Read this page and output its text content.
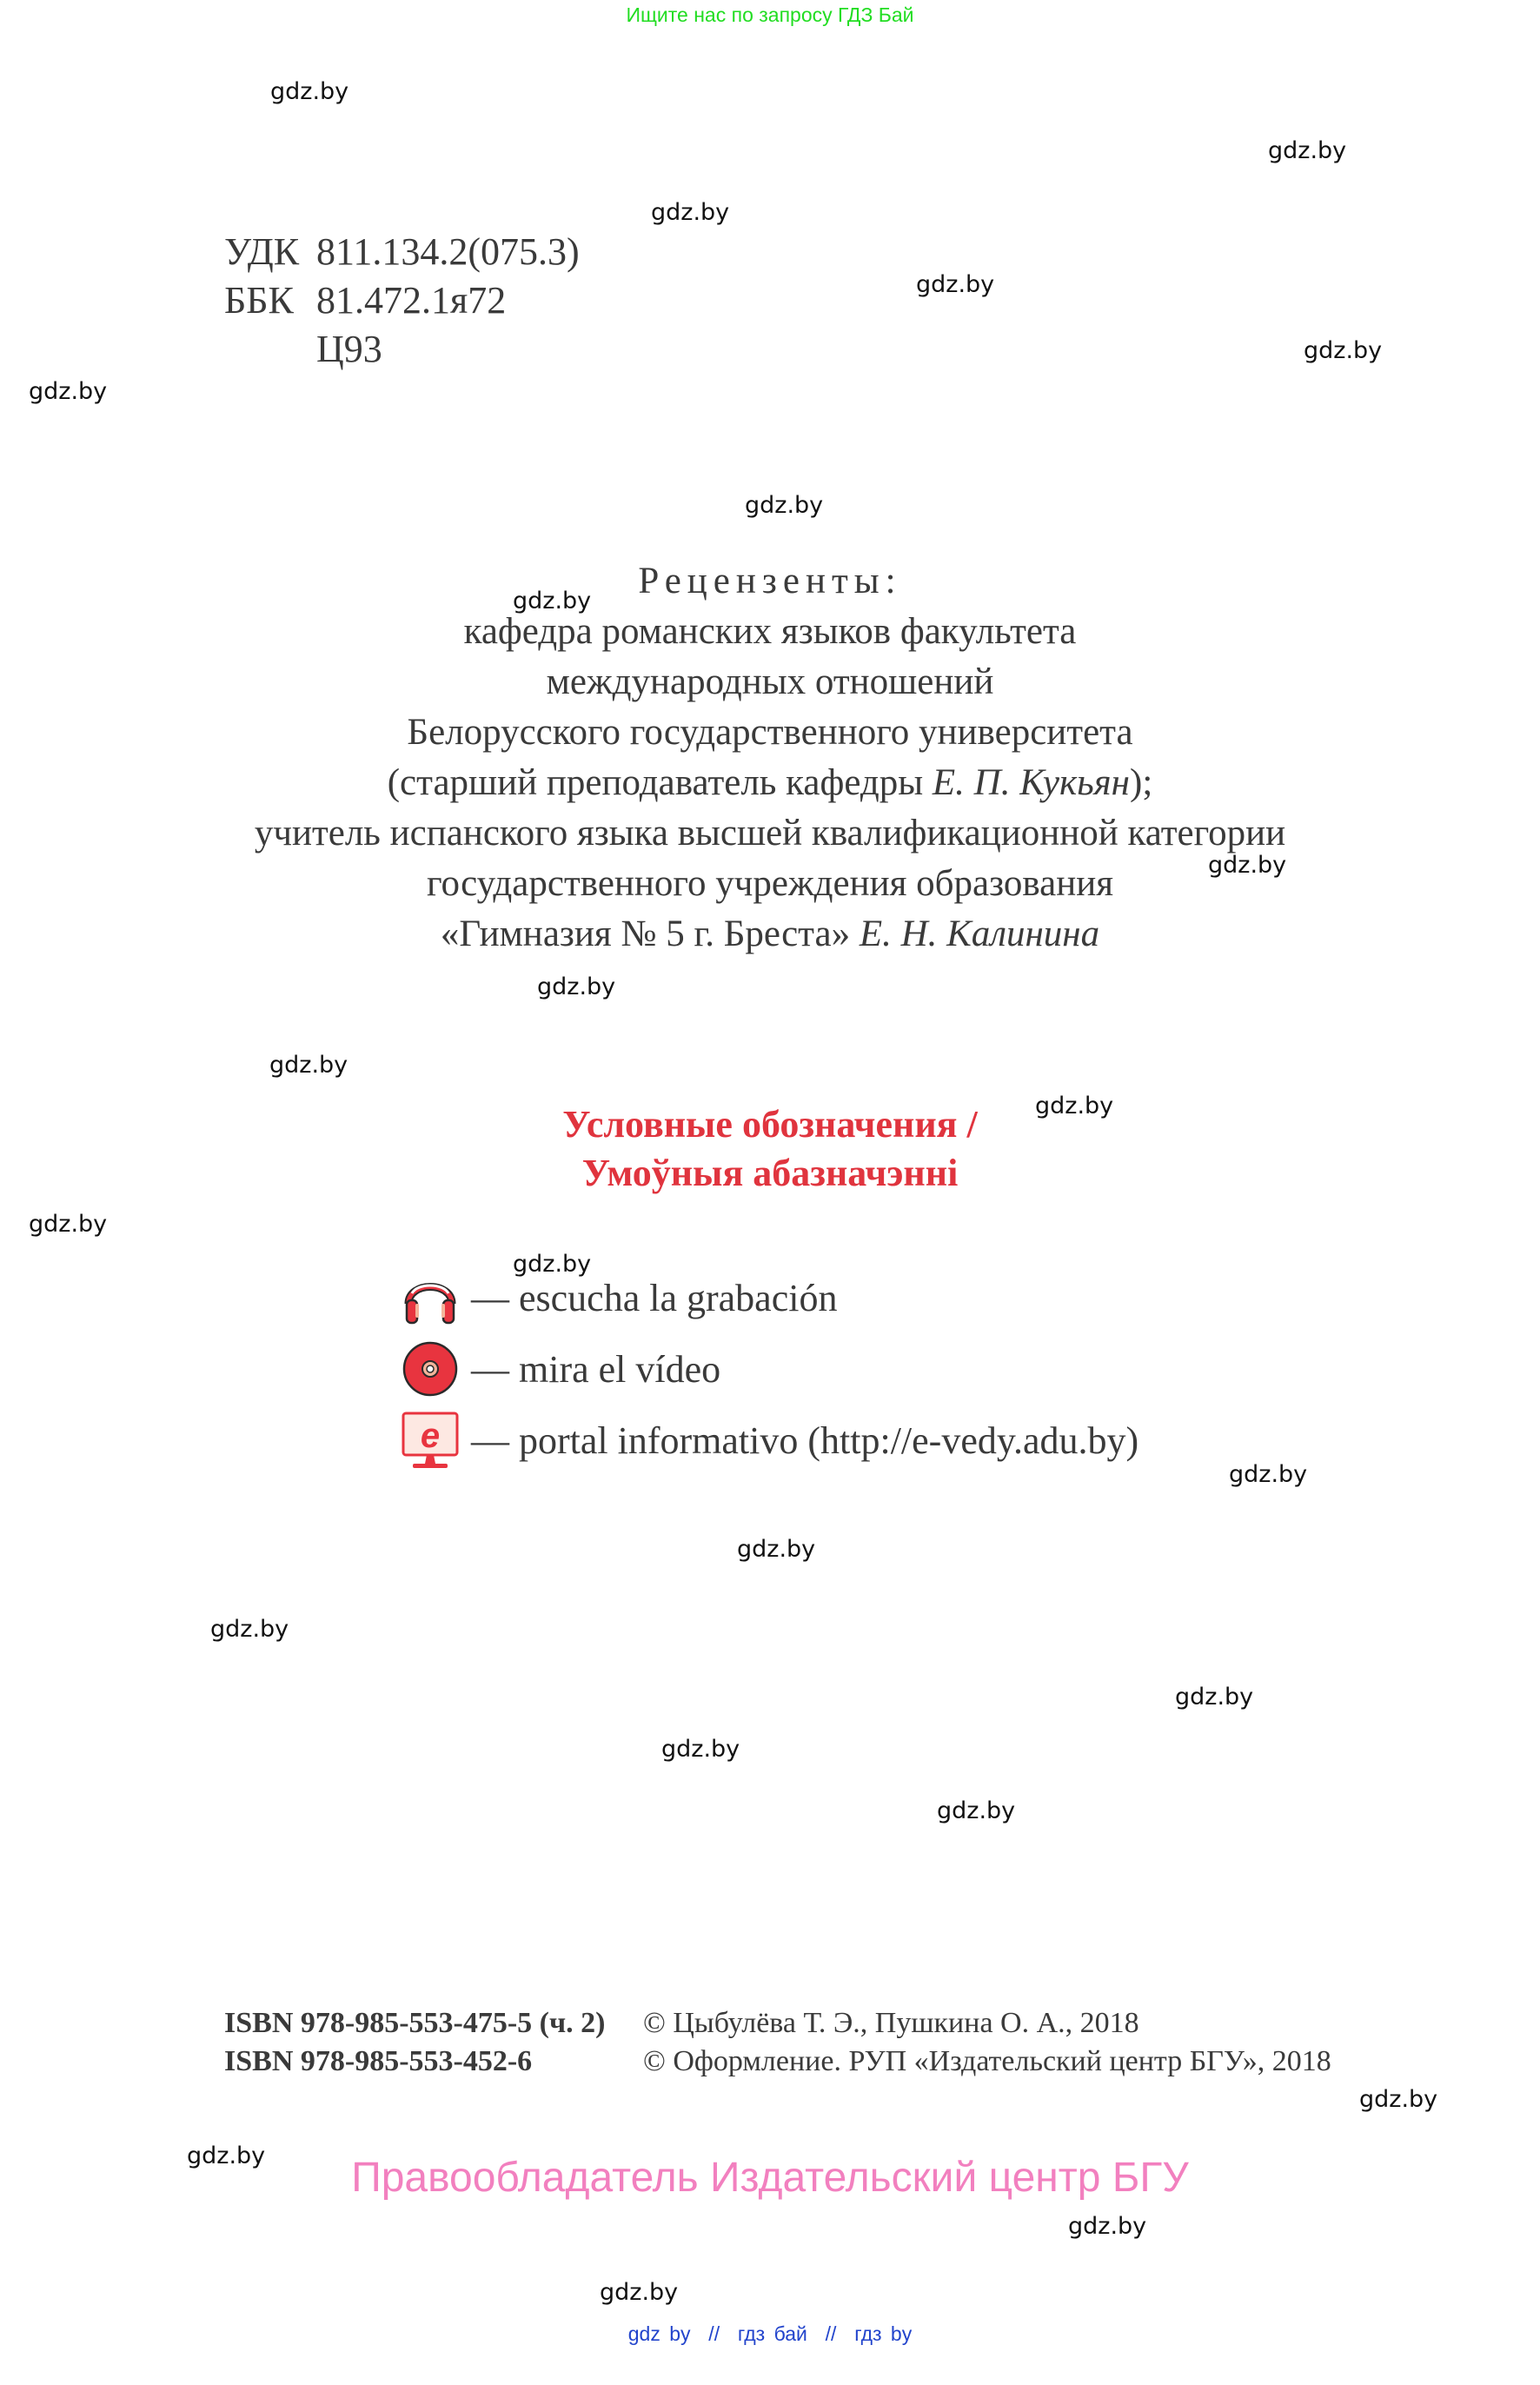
Ищите нас по запросу ГДЗ Бай
gdz.by
gdz.by
gdz.by
gdz.by
gdz.by
gdz.by
gdz.by
gdz.by
gdz.by
gdz.by
gdz.by
gdz.by
gdz.by
gdz.by
gdz.by
gdz.by
gdz.by
gdz.by
gdz.by
gdz.by
gdz.by
gdz.by
gdz.by
gdz.by
УДК 811.134.2(075.3)
ББК 81.472.1я72
Ц93
Рецензенты:
кафедра романских языков факультета
международных отношений
Белорусского государственного университета
(старший преподаватель кафедры Е. П. Кукьян);
учитель испанского языка высшей квалификационной категории
государственного учреждения образования
«Гимназия № 5 г. Бреста» Е. Н. Калинина
Условные обозначения /
Умоўныя абазначэнні
— escucha la grabación
— mira el vídeo
e — portal informativo (http://e-vedy.adu.by)
ISBN 978-985-553-475-5 (ч. 2)	© Цыбулёва Т. Э., Пушкина О. А., 2018
ISBN 978-985-553-452-6	© Оформление. РУП «Издательский центр БГУ», 2018
Правообладатель Издательский центр БГУ
gdz by  //  гдз бай  //  гдз by
